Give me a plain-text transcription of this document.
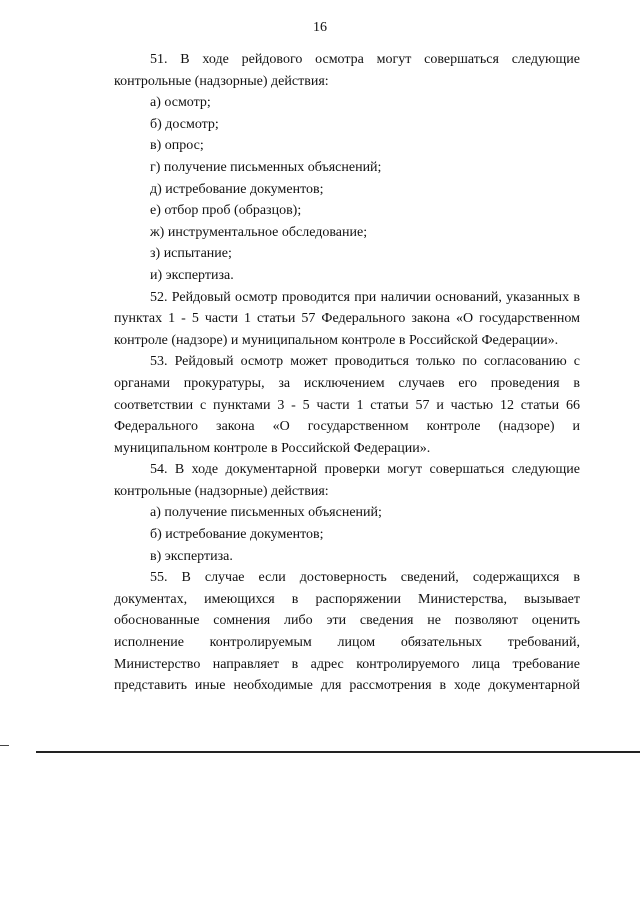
16

51. В ходе рейдового осмотра могут совершаться следующие контрольные (надзорные) действия:

а) осмотр;

б) досмотр;

в) опрос;

г) получение письменных объяснений;

д) истребование документов;

е) отбор проб (образцов);

ж) инструментальное обследование;

з) испытание;

и) экспертиза.

52. Рейдовый осмотр проводится при наличии оснований, указанных в пунктах 1 - 5 части 1 статьи 57 Федерального закона «О государственном контроле (надзоре) и муниципальном контроле в Российской Федерации».

53. Рейдовый осмотр может проводиться только по согласованию с органами прокуратуры, за исключением случаев его проведения в соответствии с пунктами 3 - 5 части 1 статьи 57 и частью 12 статьи 66 Федерального закона «О государственном контроле (надзоре) и муниципальном контроле в Российской Федерации».

54. В ходе документарной проверки могут совершаться следующие контрольные (надзорные) действия:

а) получение письменных объяснений;

б) истребование документов;

в) экспертиза.

55. В случае если достоверность сведений, содержащихся в документах, имеющихся в распоряжении Министерства, вызывает обоснованные сомнения либо эти сведения не позволяют оценить исполнение контролируемым лицом обязательных требований, Министерство направляет в адрес контролируемого лица требование представить иные необходимые для рассмотрения в ходе документарной
